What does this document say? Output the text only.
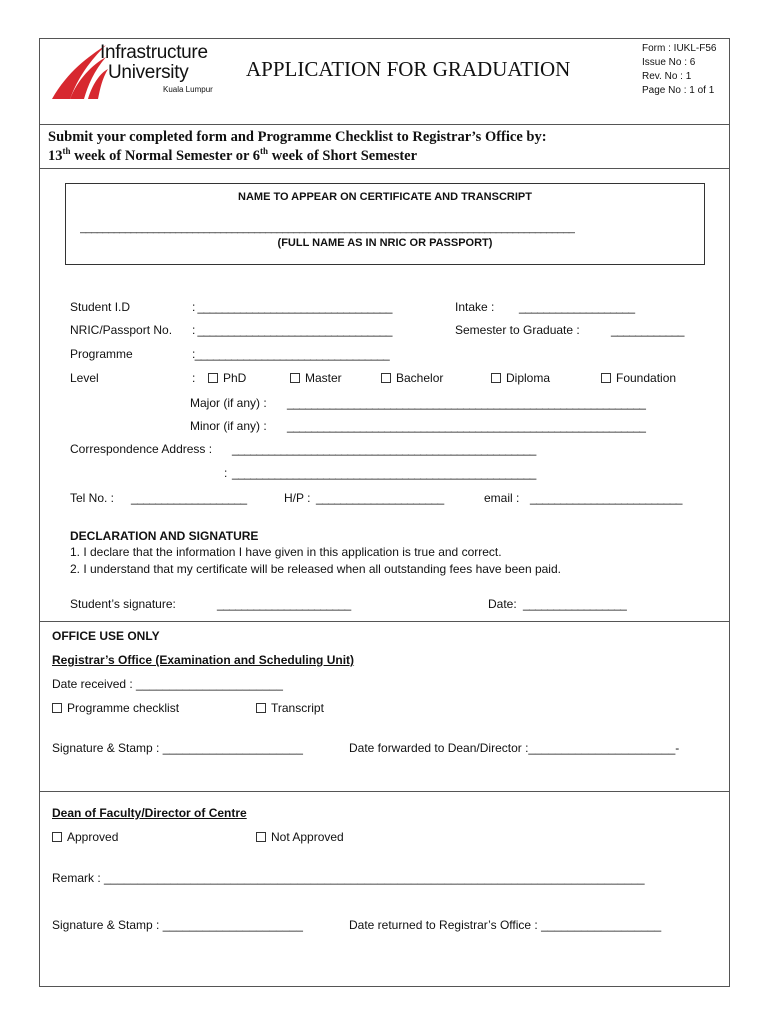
Infrastructure
University
Kuala Lumpur
APPLICATION FOR GRADUATION
Form : IUKL-F56
Issue No : 6
Rev. No : 1
Page No : 1 of 1
Submit your completed form and Programme Checklist to Registrar’s Office by:
13th week of Normal Semester or 6th week of Short Semester
NAME TO APPEAR ON CERTIFICATE AND TRANSCRIPT
________________________________________________________________________________________
(FULL NAME AS IN NRIC OR PASSPORT)
Student I.D	: ________________________________	Intake : ___________________
NRIC/Passport No. : ________________________________	Semester to Graduate :	____________
Programme	:________________________________
Level	:	PhD	Master	Bachelor	Diploma	Foundation
Major (if any) : ___________________________________________________________
Minor (if any) : ___________________________________________________________
Correspondence Address : __________________________________________________
: __________________________________________________
Tel No. : ___________________	H/P : _____________________	email : _________________________
DECLARATION AND SIGNATURE
1. I declare that the information I have given in this application is true and correct.
2. I understand that my certificate will be released when all outstanding fees have been paid.
Student’s signature:	______________________	Date: _________________
OFFICE USE ONLY
Registrar’s Office (Examination and Scheduling Unit)
Date received : ______________________
Programme checklist	Transcript
Signature & Stamp : _____________________	Date forwarded to Dean/Director :______________________-
Dean of Faculty/Director of Centre
Approved	Not Approved
Remark : _________________________________________________________________________________
Signature & Stamp : _____________________	Date returned to Registrar’s Office : __________________
